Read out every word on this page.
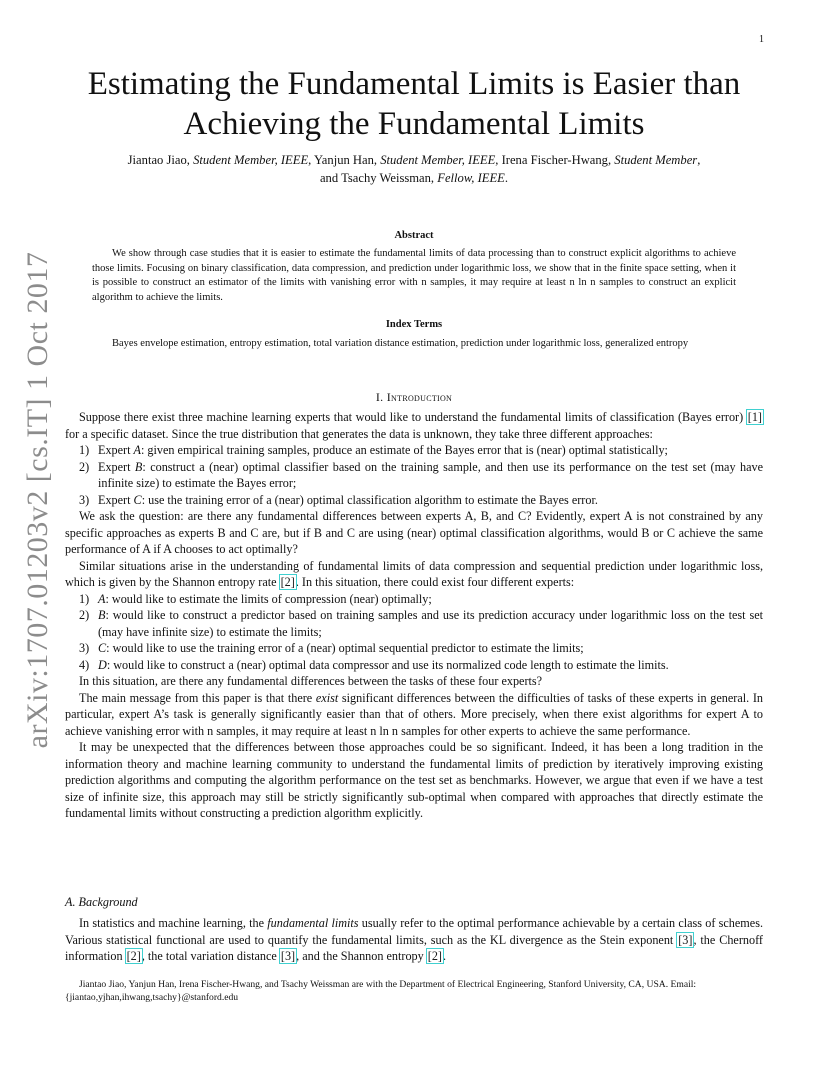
1
arXiv:1707.01203v2 [cs.IT] 1 Oct 2017
Estimating the Fundamental Limits is Easier than
Achieving the Fundamental Limits
Jiantao Jiao, Student Member, IEEE, Yanjun Han, Student Member, IEEE, Irena Fischer-Hwang, Student Member,
and Tsachy Weissman, Fellow, IEEE.
Abstract
We show through case studies that it is easier to estimate the fundamental limits of data processing than to construct explicit algorithms to achieve those limits. Focusing on binary classification, data compression, and prediction under logarithmic loss, we show that in the finite space setting, when it is possible to construct an estimator of the limits with vanishing error with n samples, it may require at least n ln n samples to construct an explicit algorithm to achieve the limits.
Index Terms
Bayes envelope estimation, entropy estimation, total variation distance estimation, prediction under logarithmic loss, generalized entropy
I. Introduction

Suppose there exist three machine learning experts that would like to understand the fundamental limits of classification (Bayes error) [1] for a specific dataset. Since the true distribution that generates the data is unknown, they take three different approaches:

1) Expert A: given empirical training samples, produce an estimate of the Bayes error that is (near) optimal statistically;
2) Expert B: construct a (near) optimal classifier based on the training sample, and then use its performance on the test set (may have infinite size) to estimate the Bayes error;
3) Expert C: use the training error of a (near) optimal classification algorithm to estimate the Bayes error.

We ask the question: are there any fundamental differences between experts A, B, and C? Evidently, expert A is not constrained by any specific approaches as experts B and C are, but if B and C are using (near) optimal classification algorithms, would B or C achieve the same performance of A if A chooses to act optimally?

Similar situations arise in the understanding of fundamental limits of data compression and sequential prediction under logarithmic loss, which is given by the Shannon entropy rate [2]. In this situation, there could exist four different experts:

1) A: would like to estimate the limits of compression (near) optimally;
2) B: would like to construct a predictor based on training samples and use its prediction accuracy under logarithmic loss on the test set (may have infinite size) to estimate the limits;
3) C: would like to use the training error of a (near) optimal sequential predictor to estimate the limits;
4) D: would like to construct a (near) optimal data compressor and use its normalized code length to estimate the limits.

In this situation, are there any fundamental differences between the tasks of these four experts?

The main message from this paper is that there exist significant differences between the difficulties of tasks of these experts in general. In particular, expert A’s task is generally significantly easier than that of others. More precisely, when there exist algorithms for expert A to achieve vanishing error with n samples, it may require at least n ln n samples for other experts to achieve the same performance.

It may be unexpected that the differences between those approaches could be so significant. Indeed, it has been a long tradition in the information theory and machine learning community to understand the fundamental limits of prediction by iteratively improving existing prediction algorithms and computing the algorithm performance on the test set as benchmarks. However, we argue that even if we have a test size of infinite size, this approach may still be strictly significantly sub-optimal when compared with approaches that directly estimate the fundamental limits without constructing a prediction algorithm explicitly.

A. Background

In statistics and machine learning, the fundamental limits usually refer to the optimal performance achievable by a certain class of schemes. Various statistical functional are used to quantify the fundamental limits, such as the KL divergence as the Stein exponent [3], the Chernoff information [2], the total variation distance [3], and the Shannon entropy [2].

Jiantao Jiao, Yanjun Han, Irena Fischer-Hwang, and Tsachy Weissman are with the Department of Electrical Engineering, Stanford University, CA, USA. Email: {jiantao,yjhan,ihwang,tsachy}@stanford.edu
